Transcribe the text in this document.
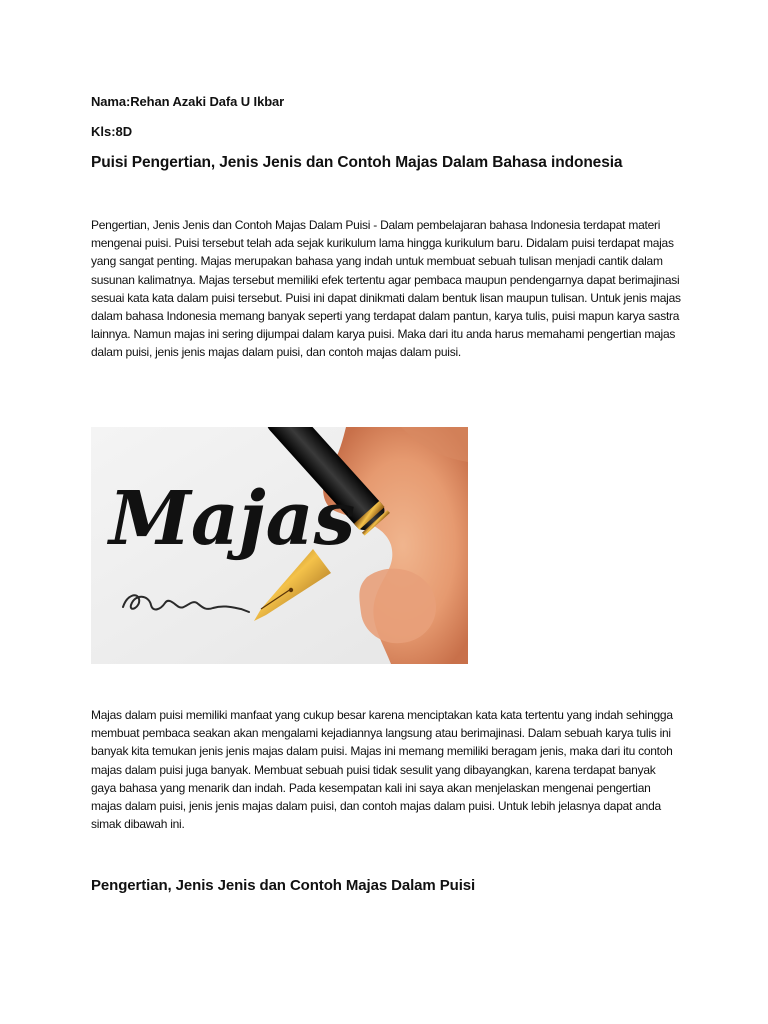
Nama:Rehan Azaki Dafa U Ikbar
Kls:8D
Puisi Pengertian, Jenis Jenis dan Contoh Majas Dalam Bahasa indonesia

Pengertian, Jenis Jenis dan Contoh Majas Dalam Puisi - Dalam pembelajaran bahasa Indonesia terdapat materi mengenai puisi. Puisi tersebut telah ada sejak kurikulum lama hingga kurikulum baru. Didalam puisi terdapat majas yang sangat penting. Majas merupakan bahasa yang indah untuk membuat sebuah tulisan menjadi cantik dalam susunan kalimatnya. Majas tersebut memiliki efek tertentu agar pembaca maupun pendengarnya dapat berimajinasi sesuai kata kata dalam puisi tersebut. Puisi ini dapat dinikmati dalam bentuk lisan maupun tulisan. Untuk jenis majas dalam bahasa Indonesia memang banyak seperti yang terdapat dalam pantun, karya tulis, puisi mapun karya sastra lainnya. Namun majas ini sering dijumpai dalam karya puisi. Maka dari itu anda harus memahami pengertian majas dalam puisi, jenis jenis majas dalam puisi, dan contoh majas dalam puisi.

Majas

Majas dalam puisi memiliki manfaat yang cukup besar karena menciptakan kata kata tertentu yang indah sehingga membuat pembaca seakan akan mengalami kejadiannya langsung atau berimajinasi. Dalam sebuah karya tulis ini banyak kita temukan jenis jenis majas dalam puisi. Majas ini memang memiliki beragam jenis, maka dari itu contoh majas dalam puisi juga banyak. Membuat sebuah puisi tidak sesulit yang dibayangkan, karena terdapat banyak gaya bahasa yang menarik dan indah. Pada kesempatan kali ini saya akan menjelaskan mengenai pengertian majas dalam puisi, jenis jenis majas dalam puisi, dan contoh majas dalam puisi. Untuk lebih jelasnya dapat anda simak dibawah ini.

Pengertian, Jenis Jenis dan Contoh Majas Dalam Puisi
